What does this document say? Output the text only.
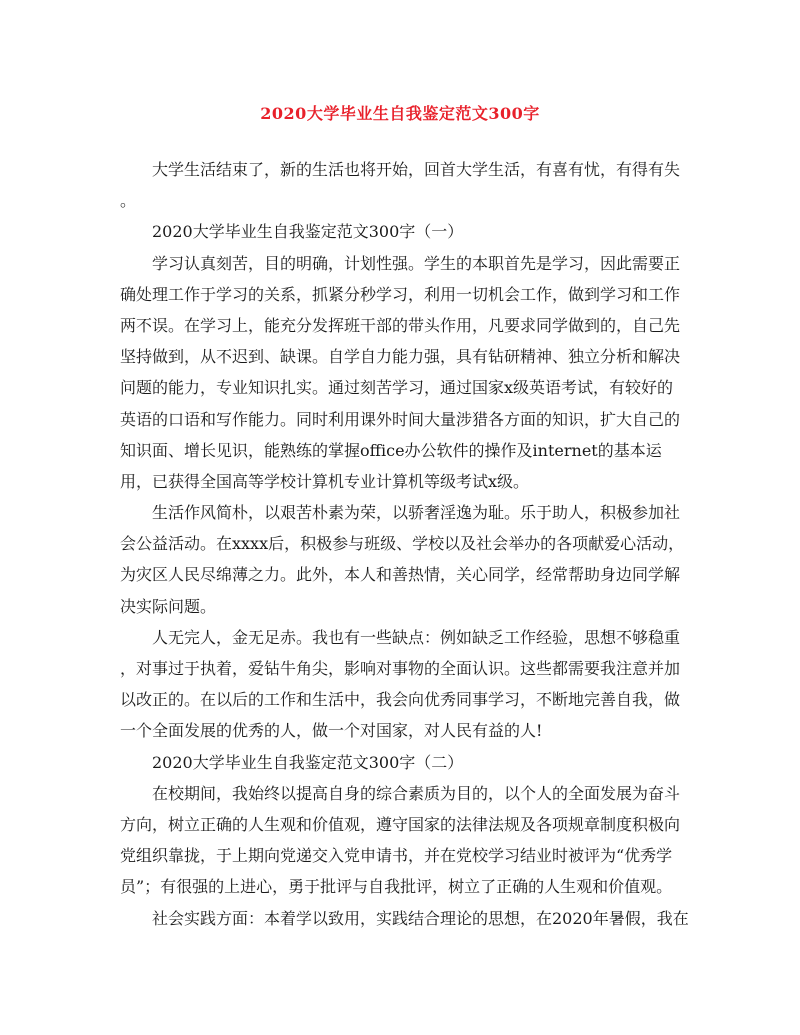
2020大学毕业生自我鉴定范文300字
　　大学生活结束了，新的生活也将开始，回首大学生活，有喜有忧，有得有失
。
　　2020大学毕业生自我鉴定范文300字（一）
　　学习认真刻苦，目的明确，计划性强。学生的本职首先是学习，因此需要正
确处理工作于学习的关系，抓紧分秒学习，利用一切机会工作，做到学习和工作
两不误。在学习上，能充分发挥班干部的带头作用，凡要求同学做到的，自己先
坚持做到，从不迟到、缺课。自学自力能力强，具有钻研精神、独立分析和解决
问题的能力，专业知识扎实。通过刻苦学习，通过国家x级英语考试，有较好的
英语的口语和写作能力。同时利用课外时间大量涉猎各方面的知识，扩大自己的
知识面、增长见识，能熟练的掌握office办公软件的操作及internet的基本运
用，已获得全国高等学校计算机专业计算机等级考试x级。
　　生活作风简朴，以艰苦朴素为荣，以骄奢淫逸为耻。乐于助人，积极参加社
会公益活动。在xxxx后，积极参与班级、学校以及社会举办的各项献爱心活动，
为灾区人民尽绵薄之力。此外，本人和善热情，关心同学，经常帮助身边同学解
决实际问题。
　　人无完人，金无足赤。我也有一些缺点：例如缺乏工作经验，思想不够稳重
，对事过于执着，爱钻牛角尖，影响对事物的全面认识。这些都需要我注意并加
以改正的。在以后的工作和生活中，我会向优秀同事学习，不断地完善自我，做
一个全面发展的优秀的人，做一个对国家，对人民有益的人!
　　2020大学毕业生自我鉴定范文300字（二）
　　在校期间，我始终以提高自身的综合素质为目的，以个人的全面发展为奋斗
方向，树立正确的人生观和价值观，遵守国家的法律法规及各项规章制度积极向
党组织靠拢，于上期向党递交入党申请书，并在党校学习结业时被评为“优秀学
员”；有很强的上进心，勇于批评与自我批评，树立了正确的人生观和价值观。
　　社会实践方面：本着学以致用，实践结合理论的思想，在2020年暑假，我在
